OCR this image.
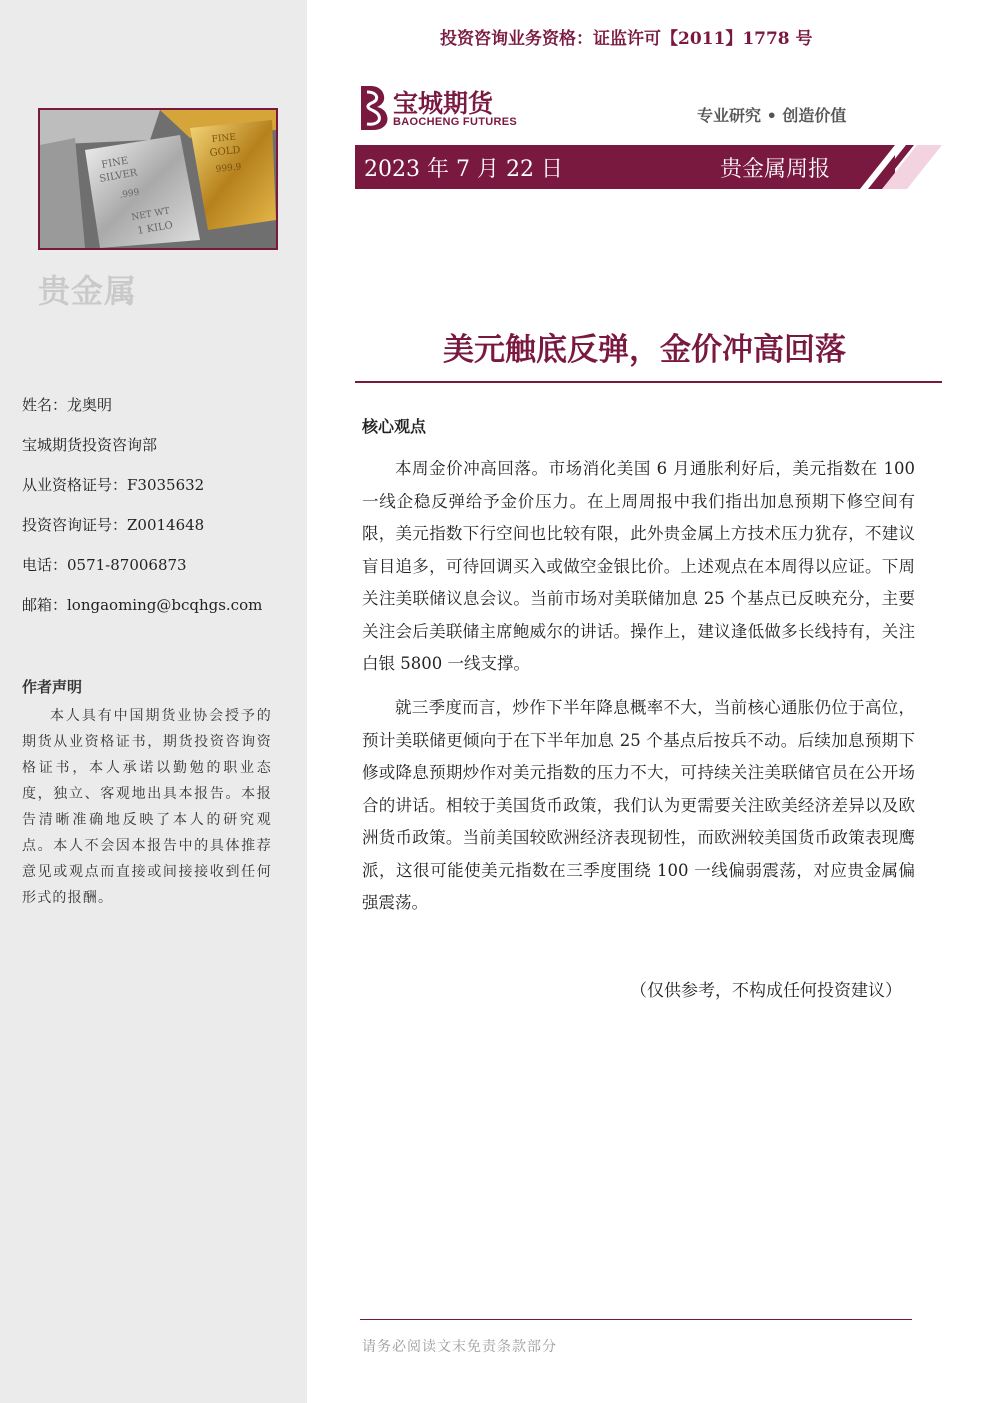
FINE
SILVER
.999
NET WT
1 KILO
FINE
GOLD
999.9
贵金属
姓名：龙奥明
宝城期货投资咨询部
从业资格证号：F3035632
投资咨询证号：Z0014648
电话：0571-87006873
邮箱：longaoming@bcqhgs.com
作者声明
本人具有中国期货业协会授予的期货从业资格证书，期货投资咨询资格证书，本人承诺以勤勉的职业态度，独立、客观地出具本报告。本报告清晰准确地反映了本人的研究观点。本人不会因本报告中的具体推荐意见或观点而直接或间接接收到任何形式的报酬。
投资咨询业务资格：证监许可【2011】1778 号
宝城期货
BAOCHENG FUTURES	专业研究 • 创造价值
2023 年 7 月 22 日	贵金属周报
美元触底反弹，金价冲高回落
核心观点

本周金价冲高回落。市场消化美国 6 月通胀利好后，美元指数在 100 一线企稳反弹给予金价压力。在上周周报中我们指出加息预期下修空间有限，美元指数下行空间也比较有限，此外贵金属上方技术压力犹存，不建议盲目追多，可待回调买入或做空金银比价。上述观点在本周得以应证。下周关注美联储议息会议。当前市场对美联储加息 25 个基点已反映充分，主要关注会后美联储主席鲍威尔的讲话。操作上，建议逢低做多长线持有，关注白银 5800 一线支撑。

就三季度而言，炒作下半年降息概率不大，当前核心通胀仍位于高位，预计美联储更倾向于在下半年加息 25 个基点后按兵不动。后续加息预期下修或降息预期炒作对美元指数的压力不大，可持续关注美联储官员在公开场合的讲话。相较于美国货币政策，我们认为更需要关注欧美经济差异以及欧洲货币政策。当前美国较欧洲经济表现韧性，而欧洲较美国货币政策表现鹰派，这很可能使美元指数在三季度围绕 100 一线偏弱震荡，对应贵金属偏强震荡。

（仅供参考，不构成任何投资建议）
请务必阅读文末免责条款部分
